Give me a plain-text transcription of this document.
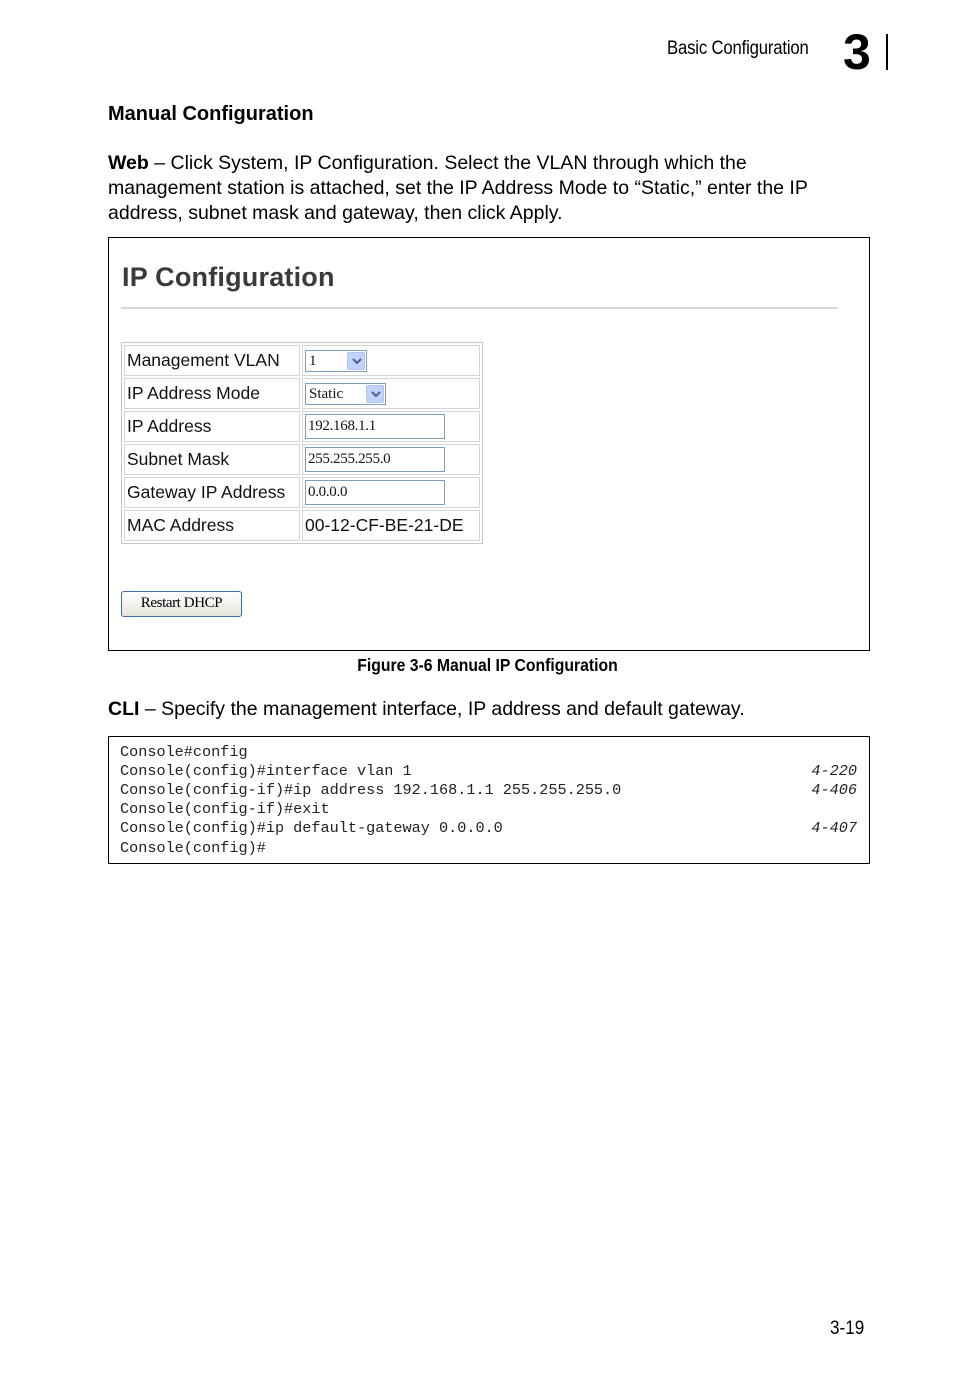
Basic Configuration 3
Manual Configuration

Web – Click System, IP Configuration. Select the VLAN through which the management station is attached, set the IP Address Mode to “Static,” enter the IP address, subnet mask and gateway, then click Apply.

IP Configuration
Management VLAN	1

IP Address Mode	Static

IP Address	192.168.1.1
Subnet Mask	255.255.255.0
Gateway IP Address	0.0.0.0
MAC Address	00-12-CF-BE-21-DE
Restart DHCP
Figure 3-6 Manual IP Configuration

CLI – Specify the management interface, IP address and default gateway.

Console#config
Console(config)#interface vlan 1	4-220
Console(config-if)#ip address 192.168.1.1 255.255.255.0	4-406
Console(config-if)#exit
Console(config)#ip default-gateway 0.0.0.0	4-407
Console(config)#
3-19
